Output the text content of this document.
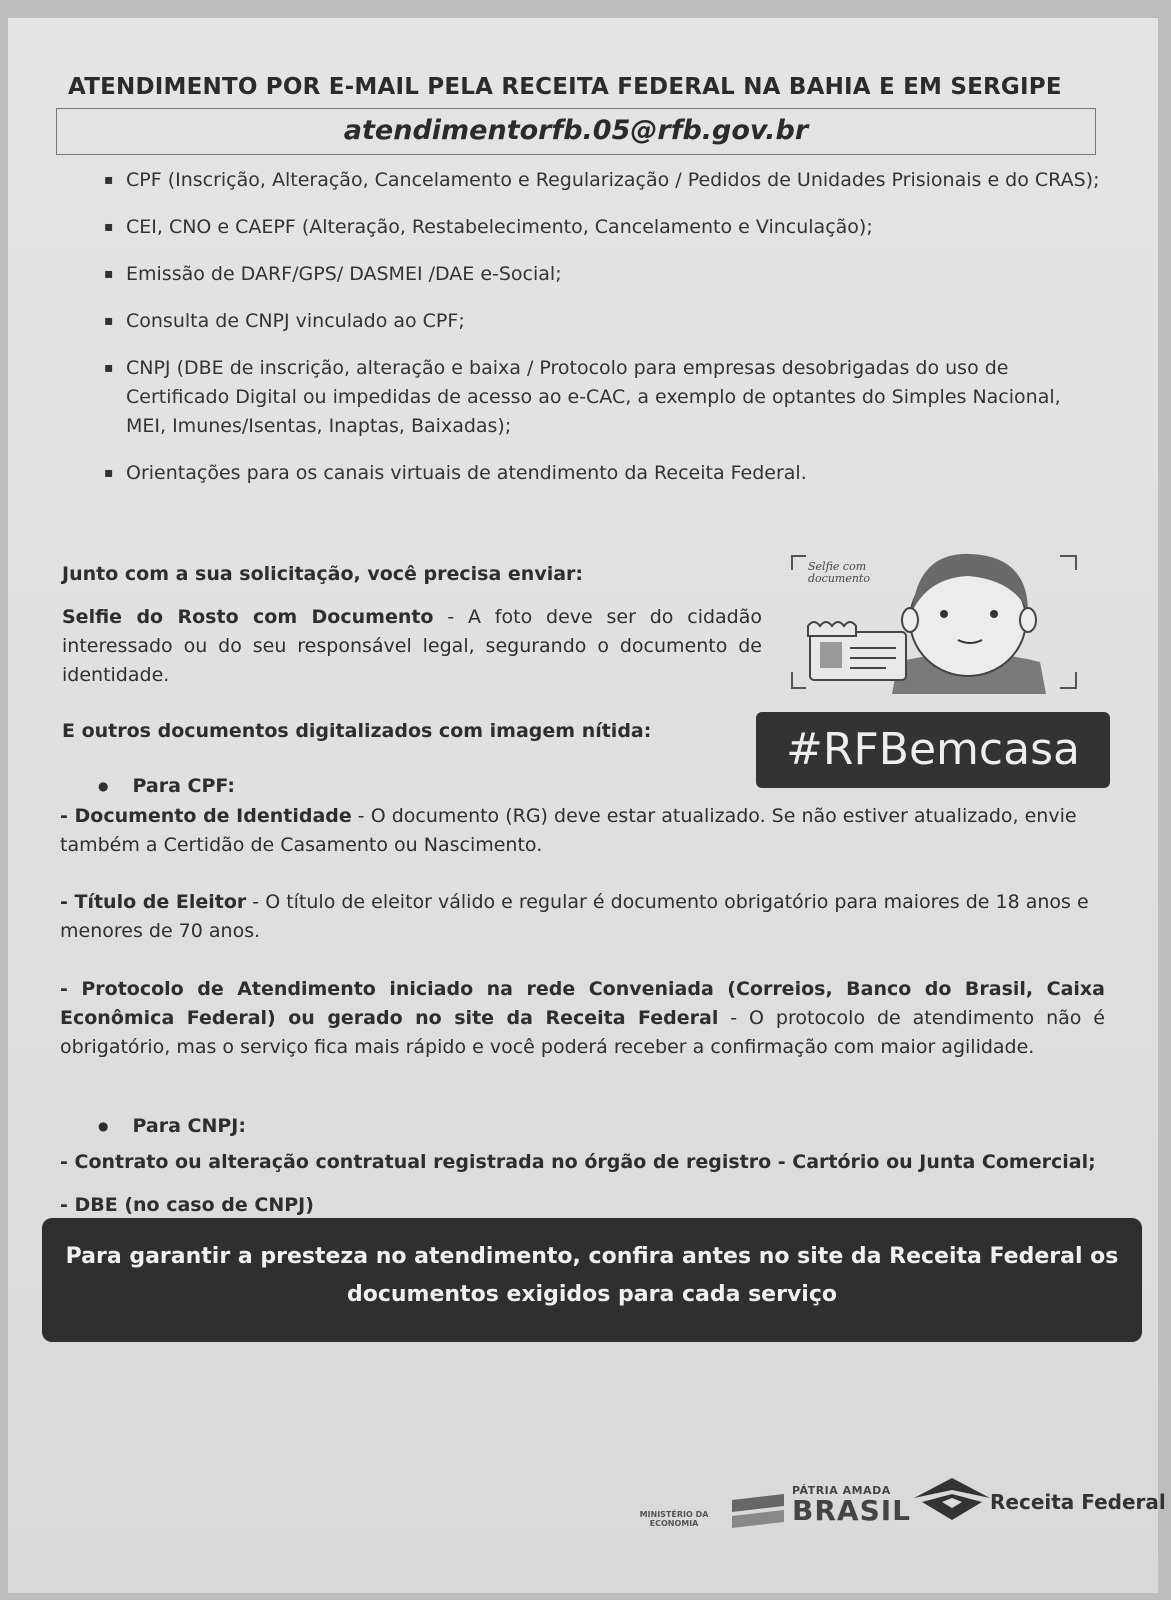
ATENDIMENTO POR E-MAIL PELA RECEITA FEDERAL NA BAHIA E EM SERGIPE
atendimentorfb.05@rfb.gov.br
▪ CPF (Inscrição, Alteração, Cancelamento e Regularização / Pedidos de Unidades Prisionais e do CRAS);
▪ CEI, CNO e CAEPF (Alteração, Restabelecimento, Cancelamento e Vinculação);
▪ Emissão de DARF/GPS/ DASMEI /DAE e-Social;
▪ Consulta de CNPJ vinculado ao CPF;
▪ CNPJ (DBE de inscrição, alteração e baixa / Protocolo para empresas desobrigadas do uso de Certificado Digital ou impedidas de acesso ao e-CAC, a exemplo de optantes do Simples Nacional, MEI, Imunes/Isentas, Inaptas, Baixadas);
▪ Orientações para os canais virtuais de atendimento da Receita Federal.
Junto com a sua solicitação, você precisa enviar:
Selfie do Rosto com Documento - A foto deve ser do cidadão interessado ou do seu responsável legal, segurando o documento de identidade.
Selfie com
documento
E outros documentos digitalizados com imagem nítida:	#RFBemcasa
● Para CPF:
- Documento de Identidade - O documento (RG) deve estar atualizado. Se não estiver atualizado, envie também a Certidão de Casamento ou Nascimento.
- Título de Eleitor - O título de eleitor válido e regular é documento obrigatório para maiores de 18 anos e menores de 70 anos.
- Protocolo de Atendimento iniciado na rede Conveniada (Correios, Banco do Brasil, Caixa Econômica Federal) ou gerado no site da Receita Federal - O protocolo de atendimento não é obrigatório, mas o serviço fica mais rápido e você poderá receber a confirmação com maior agilidade.
● Para CNPJ:
- Contrato ou alteração contratual registrada no órgão de registro - Cartório ou Junta Comercial;
- DBE (no caso de CNPJ)
Para garantir a presteza no atendimento, confira antes no site da Receita Federal os documentos exigidos para cada serviço
MINISTÉRIO DA ECONOMIA
PÁTRIA AMADA
BRASIL	Receita Federal
